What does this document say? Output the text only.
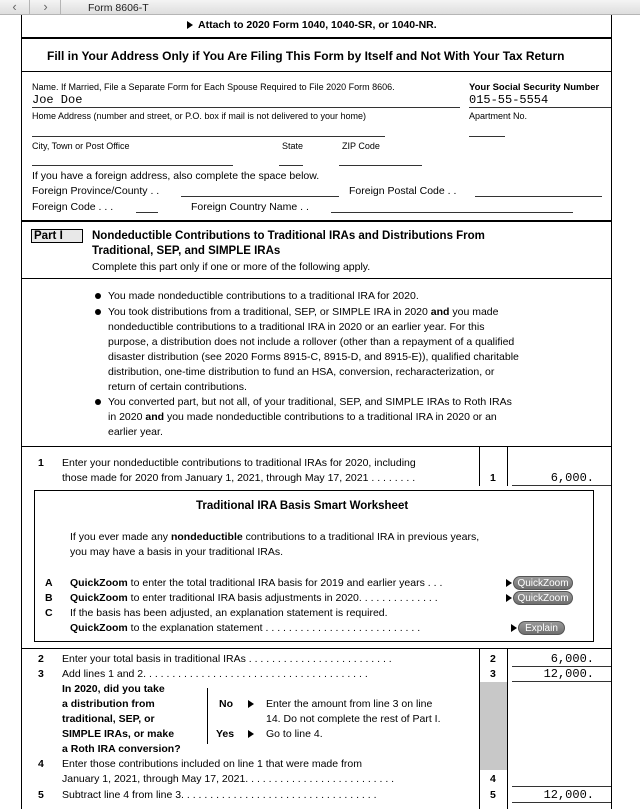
‹	›	Form 8606-T
Attach to 2020 Form 1040, 1040-SR, or 1040-NR.
Fill in Your Address Only if You Are Filing This Form by Itself and Not With Your Tax Return
Name. If Married, File a Separate Form for Each Spouse Required to File 2020 Form 8606.
Joe Doe
Your Social Security Number
015-55-5554
Home Address (number and street, or P.O. box if mail is not delivered to your home)	Apartment No.
City, Town or Post Office	State	ZIP Code
If you have a foreign address, also complete the space below.
Foreign Province/County . .	Foreign Postal Code . .
Foreign Code . . .	Foreign Country Name . .
Part I	Nondeductible Contributions to Traditional IRAs and Distributions From
Traditional, SEP, and SIMPLE IRAs
Complete this part only if one or more of the following apply.
You made nondeductible contributions to a traditional IRA for 2020.
You took distributions from a traditional, SEP, or SIMPLE IRA in 2020 and you made
nondeductible contributions to a traditional IRA in 2020 or an earlier year. For this
purpose, a distribution does not include a rollover (other than a repayment of a qualified
disaster distribution (see 2020 Forms 8915-C, 8915-D, and 8915-E)), qualified charitable
distribution, one-time distribution to fund an HSA, conversion, recharacterization, or
return of certain contributions.
You converted part, but not all, of your traditional, SEP, and SIMPLE IRAs to Roth IRAs
in 2020 and you made nondeductible contributions to a traditional IRA in 2020 or an
earlier year.
1 Enter your nondeductible contributions to traditional IRAs for 2020, including
those made for 2020 from January 1, 2021, through May 17, 2021 . . . . . . . .	1	6,000.
Traditional IRA Basis Smart Worksheet
If you ever made any nondeductible contributions to a traditional IRA in previous years,
you may have a basis in your traditional IRAs.
A QuickZoom to enter the total traditional IRA basis for 2019 and earlier years . . .	QuickZoom
B QuickZoom to enter traditional IRA basis adjustments in 2020. . . . . . . . . . . . . .	QuickZoom
C If the basis has been adjusted, an explanation statement is required.
QuickZoom to the explanation statement . . . . . . . . . . . . . . . . . . . . . . . . . . .	Explain
2 Enter your total basis in traditional IRAs . . . . . . . . . . . . . . . . . . . . . . . . .	2	6,000.
3 Add lines 1 and 2. . . . . . . . . . . . . . . . . . . . . . . . . . . . . . . . . . . . . . .	3	12,000.
In 2020, did you take
a distribution from
traditional, SEP, or
SIMPLE IRAs, or make
a Roth IRA conversion?
No	Enter the amount from line 3 on line
14. Do not complete the rest of Part I.
Yes	Go to line 4.
4 Enter those contributions included on line 1 that were made from
January 1, 2021, through May 17, 2021. . . . . . . . . . . . . . . . . . . . . . . . . .	4
5 Subtract line 4 from line 3. . . . . . . . . . . . . . . . . . . . . . . . . . . . . . . . . .	5	12,000.
